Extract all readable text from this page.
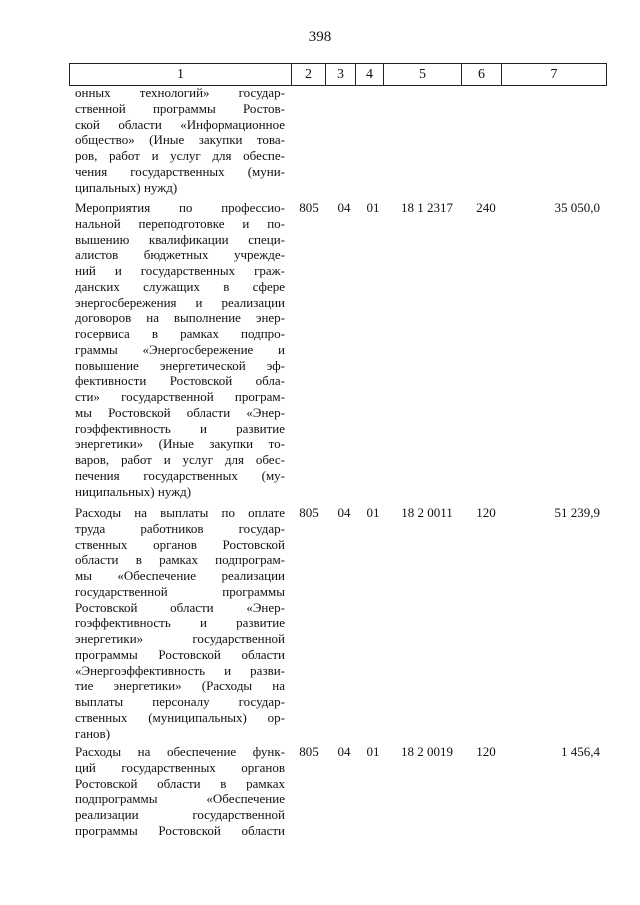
398
1	2	3	4	5	6	7
онных технологий» государ-
ственной программы Ростов-
ской области «Информационное
общество» (Иные закупки това-
ров, работ и услуг для обеспе-
чения государственных (муни-
ципальных) нужд)
Мероприятия по профессио-
нальной переподготовке и по-
вышению квалификации специ-
алистов бюджетных учрежде-
ний и государственных граж-
данских служащих в сфере
энергосбережения и реализации
договоров на выполнение энер-
госервиса в рамках подпро-
граммы «Энергосбережение и
повышение энергетической эф-
фективности Ростовской обла-
сти» государственной програм-
мы Ростовской области «Энер-
гоэффективность и развитие
энергетики» (Иные закупки то-
варов, работ и услуг для обес-
печения государственных (му-
ниципальных) нужд)
805	04	01	18 1 2317	240	35 050,0
Расходы на выплаты по оплате
труда работников государ-
ственных органов Ростовской
области в рамках подпрограм-
мы «Обеспечение реализации
государственной программы
Ростовской области «Энер-
гоэффективность и развитие
энергетики» государственной
программы Ростовской области
«Энергоэффективность и разви-
тие энергетики» (Расходы на
выплаты персоналу государ-
ственных (муниципальных) ор-
ганов)
805	04	01	18 2 0011	120	51 239,9
Расходы на обеспечение функ-
ций государственных органов
Ростовской области в рамках
подпрограммы «Обеспечение
реализации государственной
программы Ростовской области
805	04	01	18 2 0019	120	1 456,4
